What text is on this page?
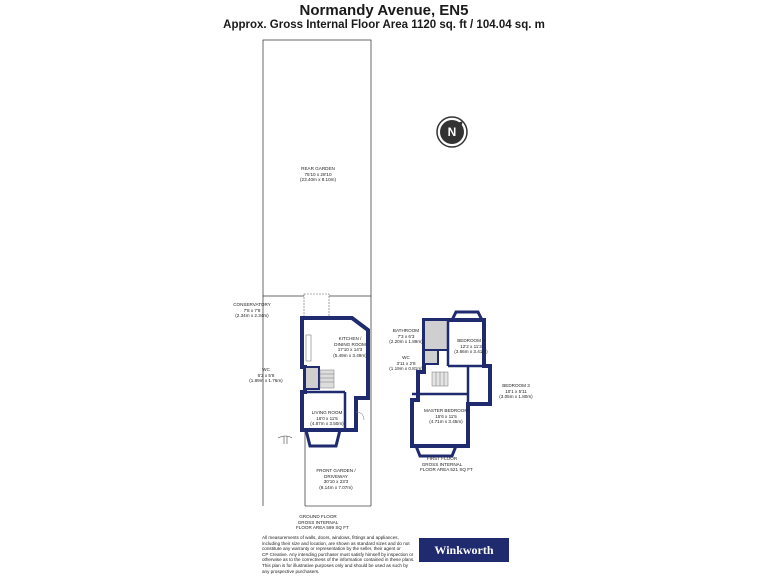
Normandy Avenue, EN5
Approx. Gross Internal Floor Area 1120 sq. ft / 104.04 sq. m
N
REAR GARDEN
75'10 x 28'10
(23.40m x 8.10m)
CONSERVATORY
7'8 x 7'8
(2.34m x 2.34m)
KITCHEN /
DINING ROOM
17'10 x 14'3
(5.49m x 3.49m)
WC
6'2 x 5'8
(1.89m x 1.76m)
LIVING ROOM
16'0 x 11'5
(4.87m x 3.50m)
FRONT GARDEN /
DRIVEWAY
30'10 x 23'3
(9.14m x 7.07m)
GROUND FLOOR
GROSS INTERNAL
FLOOR AREA 599 SQ FT
BATHROOM
7'3 x 6'3
(2.20m x 1.89m)	BEDROOM 2
12'2 x 11'3
(3.66m x 3.41m)
WC
3'11 x 2'8
(1.19m x 0.81m)
BEDROOM 3
10'1 x 5'11
(3.05m x 1.80m)
MASTER BEDROOM
15'6 x 11'5
(4.71m x 3.45m)
FIRST FLOOR
GROSS INTERNAL
FLOOR AREA 521 SQ FT
All measurements of walls, doors, windows, fittings and appliances,
including their size and location, are shown as standard sizes and do not
constitute any warranty or representation by the seller, their agent or
CP Creative. Any intending purchaser must satisfy himself by inspection or
otherwise as to the correctness of the information contained in these plans.
This plan is for illustrative purposes only and should be used as such by
any prospective purchasers.
Winkworth
